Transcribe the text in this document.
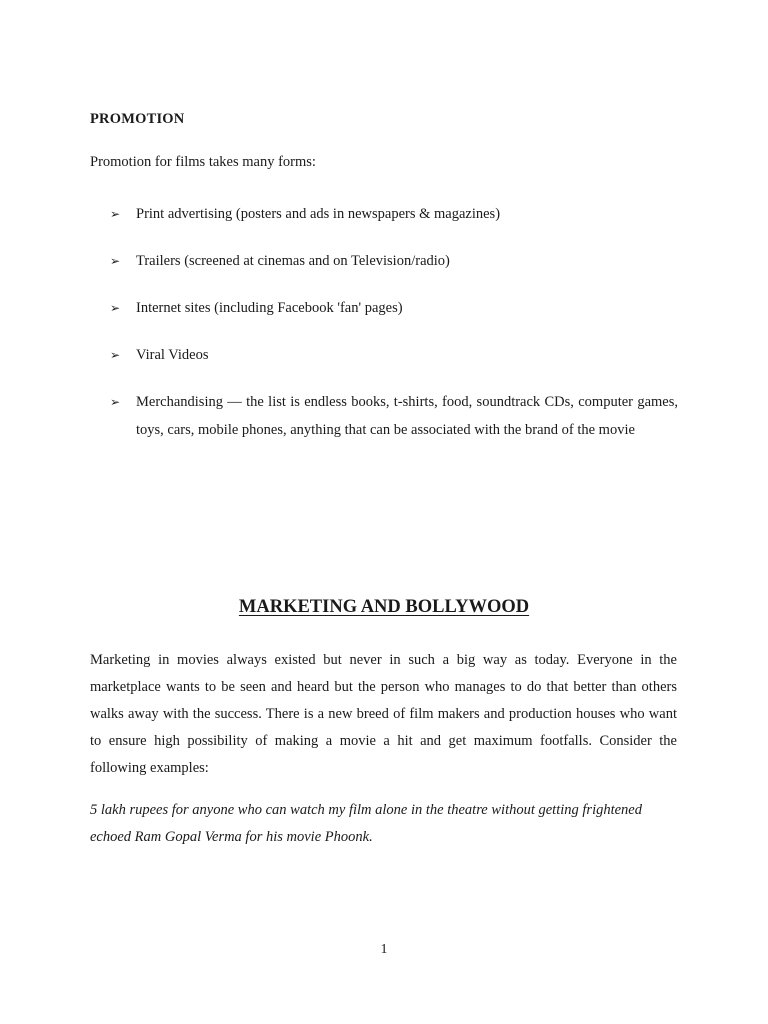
PROMOTION
Promotion for films takes many forms:
➢ Print advertising (posters and ads in newspapers & magazines)
➢ Trailers (screened at cinemas and on Television/radio)
➢ Internet sites (including Facebook 'fan' pages)
➢ Viral Videos
➢ Merchandising — the list is endless books, t-shirts, food, soundtrack CDs, computer games, toys, cars, mobile phones, anything that can be associated with the brand of the movie
MARKETING AND BOLLYWOOD

Marketing in movies always existed but never in such a big way as today. Everyone in the marketplace wants to be seen and heard but the person who manages to do that better than others walks away with the success. There is a new breed of film makers and production houses who want to ensure high possibility of making a movie a hit and get maximum footfalls. Consider the following examples:

5 lakh rupees for anyone who can watch my film alone in the theatre without getting frightened echoed Ram Gopal Verma for his movie Phoonk.

1
